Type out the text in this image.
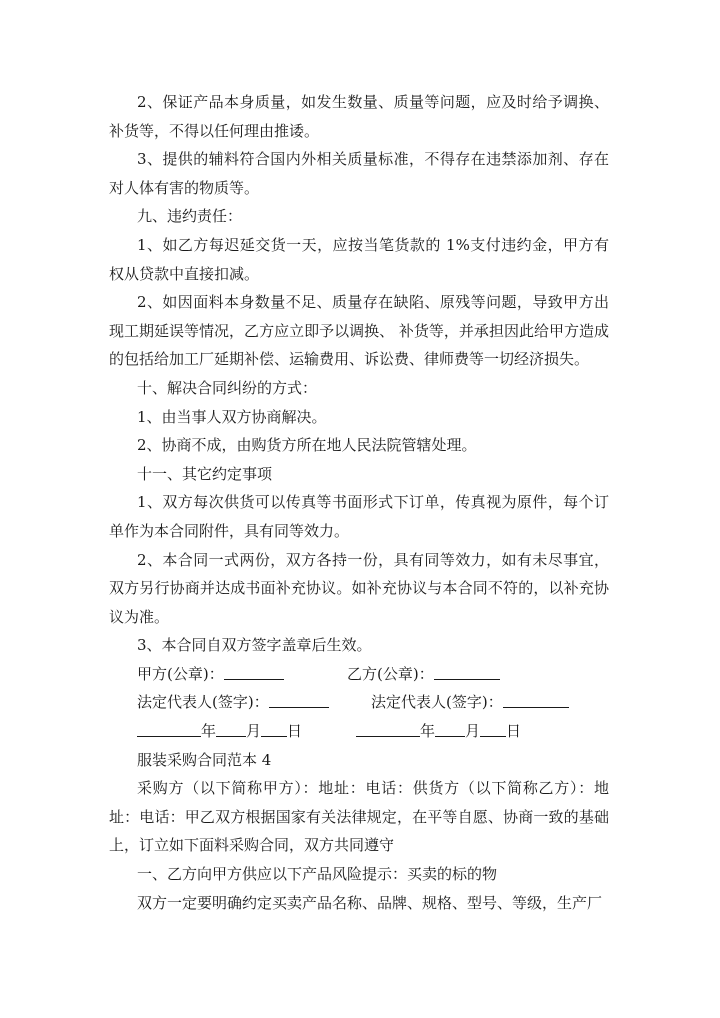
2、保证产品本身质量，如发生数量、质量等问题，应及时给予调换、补货等，不得以任何理由推诿。

3、提供的辅料符合国内外相关质量标准，不得存在违禁添加剂、存在对人体有害的物质等。

九、违约责任：

1、如乙方每迟延交货一天，应按当笔货款的 1%支付违约金，甲方有权从贷款中直接扣减。

2、如因面料本身数量不足、质量存在缺陷、原残等问题，导致甲方出现工期延误等情况，乙方应立即予以调换、 补货等，并承担因此给甲方造成的包括给加工厂延期补偿、运输费用、诉讼费、律师费等一切经济损失。

十、解决合同纠纷的方式：

1、由当事人双方协商解决。

2、协商不成，由购货方所在地人民法院管辖处理。

十一、其它约定事项

1、双方每次供货可以传真等书面形式下订单，传真视为原件，每个订单作为本合同附件，具有同等效力。

2、本合同一式两份，双方各持一份，具有同等效力，如有未尽事宜，双方另行协商并达成书面补充协议。如补充协议与本合同不符的，以补充协议为准。

3、本合同自双方签字盖章后生效。

甲方(公章)：	乙方(公章)：
法定代表人(签字)：	法定代表人(签字)：
年 月 日	年 月 日

服装采购合同范本 4

采购方（以下简称甲方）：地址：电话：供货方（以下简称乙方）：地址：电话：甲乙双方根据国家有关法律规定，在平等自愿、协商一致的基础上，订立如下面料采购合同，双方共同遵守

一、乙方向甲方供应以下产品风险提示：买卖的标的物

双方一定要明确约定买卖产品名称、品牌、规格、型号、等级，生产厂
